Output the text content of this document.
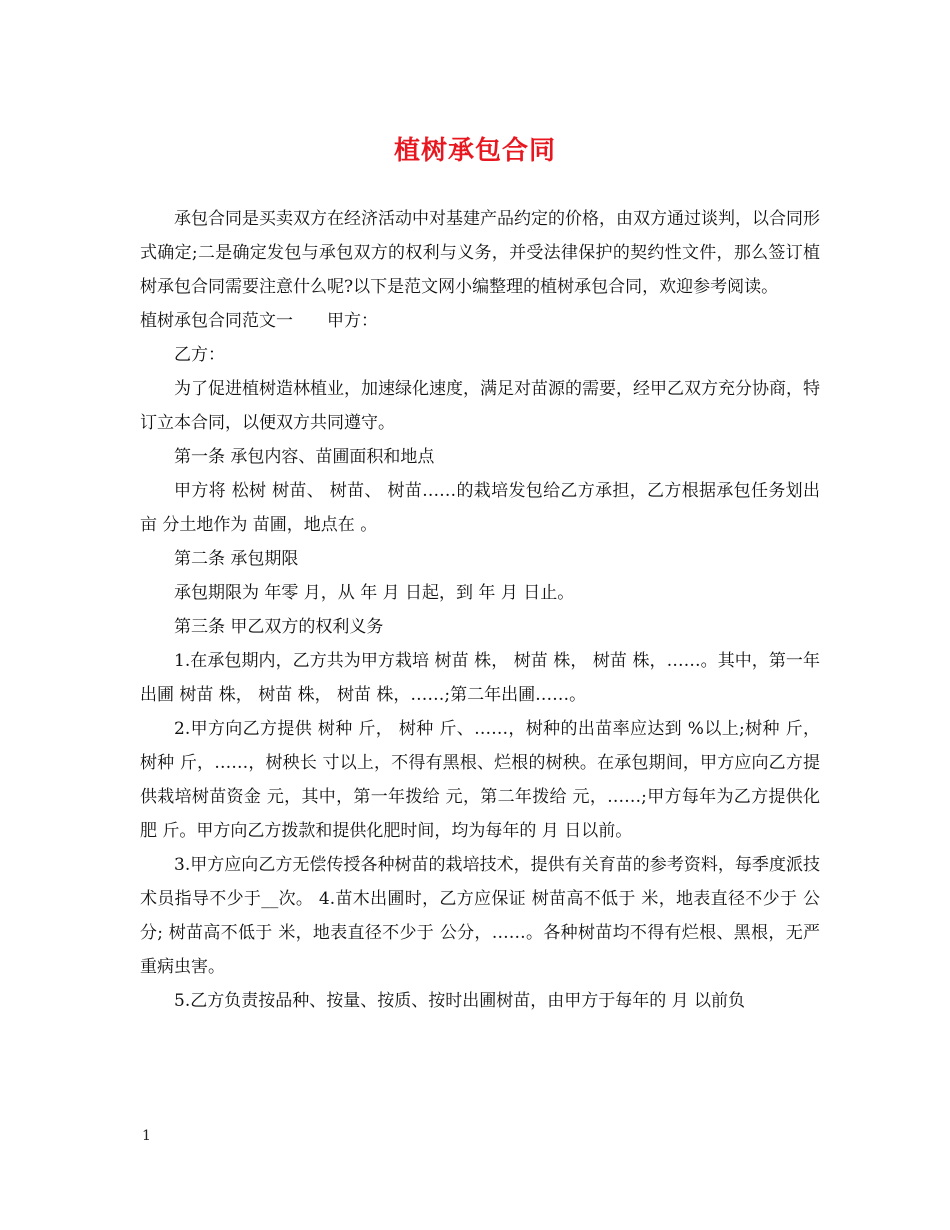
植树承包合同

承包合同是买卖双方在经济活动中对基建产品约定的价格，由双方通过谈判，以合同形式确定;二是确定发包与承包双方的权利与义务，并受法律保护的契约性文件，那么签订植树承包合同需要注意什么呢?以下是范文网小编整理的植树承包合同，欢迎参考阅读。

植树承包合同范文一　　甲方：

乙方：

为了促进植树造林植业，加速绿化速度，满足对苗源的需要，经甲乙双方充分协商，特订立本合同，以便双方共同遵守。

第一条 承包内容、苗圃面积和地点

甲方将 松树 树苗、 树苗、 树苗……的栽培发包给乙方承担，乙方根据承包任务划出 亩 分土地作为 苗圃，地点在 。

第二条 承包期限

承包期限为 年零 月，从 年 月 日起，到 年 月 日止。

第三条 甲乙双方的权利义务

1.在承包期内，乙方共为甲方栽培 树苗 株， 树苗 株， 树苗 株，……。其中，第一年出圃 树苗 株， 树苗 株， 树苗 株，……;第二年出圃……。

2.甲方向乙方提供 树种 斤， 树种 斤、……，树种的出苗率应达到 %以上;树种 斤， 树种 斤，……，树秧长 寸以上，不得有黑根、烂根的树秧。在承包期间，甲方应向乙方提供栽培树苗资金 元，其中，第一年拨给 元，第二年拨给 元，……;甲方每年为乙方提供化肥 斤。甲方向乙方拨款和提供化肥时间，均为每年的 月 日以前。

3.甲方应向乙方无偿传授各种树苗的栽培技术，提供有关育苗的参考资料，每季度派技术员指导不少于__次。 4.苗木出圃时，乙方应保证 树苗高不低于 米，地表直径不少于 公分; 树苗高不低于 米，地表直径不少于 公分，……。各种树苗均不得有烂根、黑根，无严重病虫害。

5.乙方负责按品种、按量、按质、按时出圃树苗，由甲方于每年的 月 以前负

1
